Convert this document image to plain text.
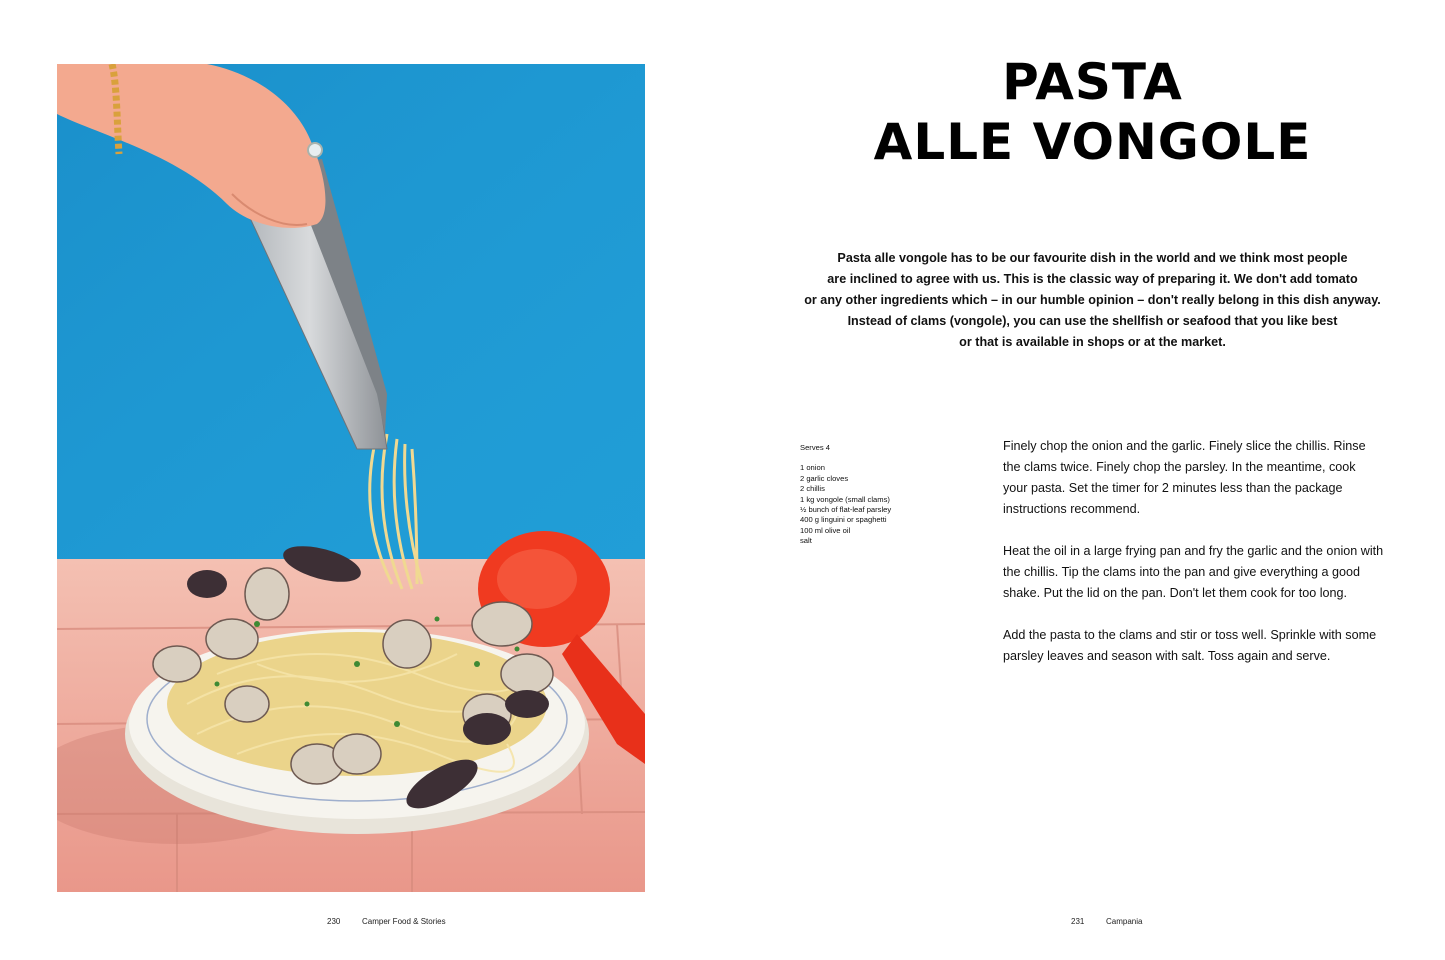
230	Camper Food & Stories
PASTA
ALLE VONGOLE
Pasta alle vongole has to be our favourite dish in the world and we think most people
are inclined to agree with us. This is the classic way of preparing it. We don't add tomato
or any other ingredients which – in our humble opinion – don't really belong in this dish anyway.
Instead of clams (vongole), you can use the shellfish or seafood that you like best
or that is available in shops or at the market.
Serves 4
1 onion
2 garlic cloves
2 chillis
1 kg vongole (small clams)
½ bunch of flat-leaf parsley
400 g linguini or spaghetti
100 ml olive oil
salt

Finely chop the onion and the garlic. Finely slice the chillis. Rinse
the clams twice. Finely chop the parsley. In the meantime, cook
your pasta. Set the timer for 2 minutes less than the package
instructions recommend.

Heat the oil in a large frying pan and fry the garlic and the onion with
the chillis. Tip the clams into the pan and give everything a good
shake. Put the lid on the pan. Don't let them cook for too long.

Add the pasta to the clams and stir or toss well. Sprinkle with some
parsley leaves and season with salt. Toss again and serve.

231	Campania
